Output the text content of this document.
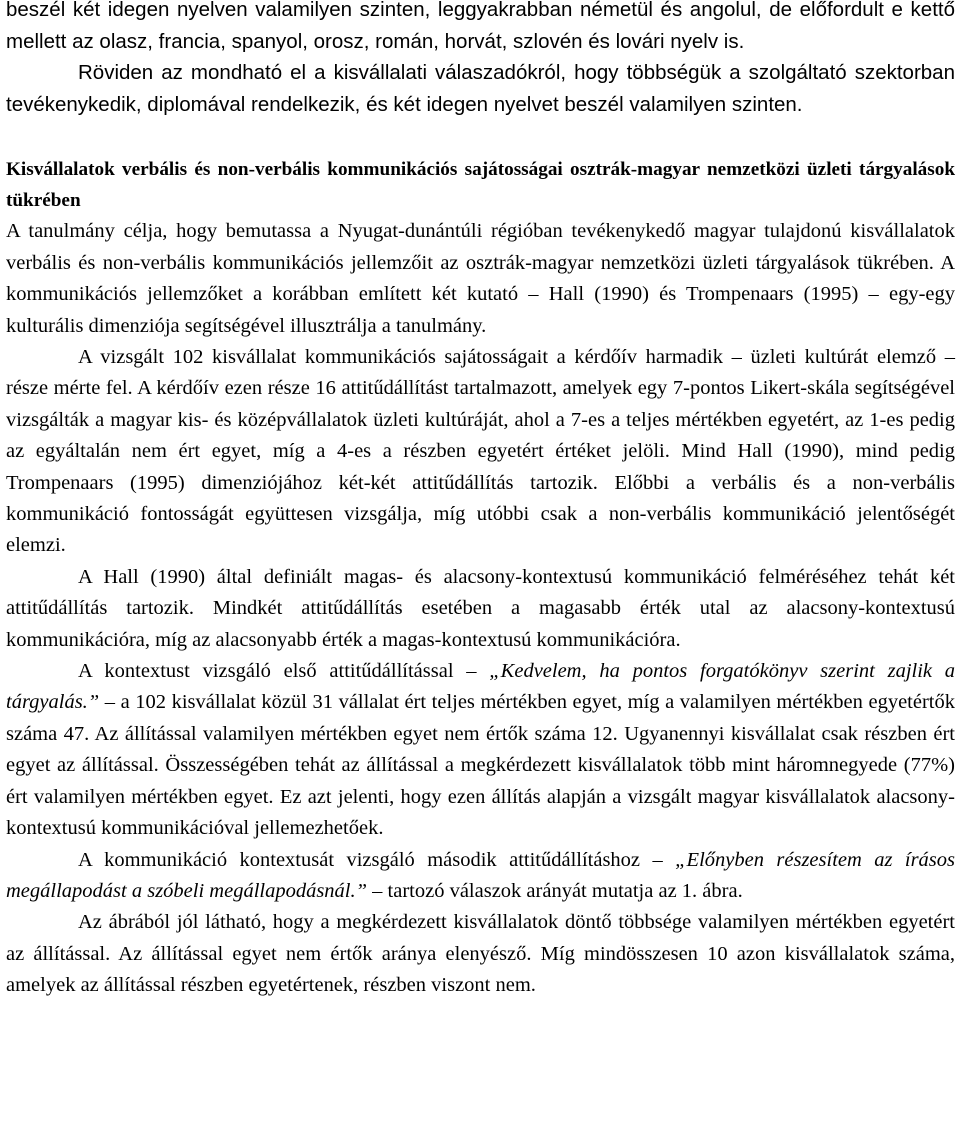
beszél két idegen nyelven valamilyen szinten, leggyakrabban németül és angolul, de előfordult e kettő mellett az olasz, francia, spanyol, orosz, román, horvát, szlovén és lovári nyelv is.

Röviden az mondható el a kisvállalati válaszadókról, hogy többségük a szolgáltató szektorban tevékenykedik, diplomával rendelkezik, és két idegen nyelvet beszél valamilyen szinten.

Kisvállalatok verbális és non-verbális kommunikációs sajátosságai osztrák-magyar nemzetközi üzleti tárgyalások tükrében

A tanulmány célja, hogy bemutassa a Nyugat-dunántúli régióban tevékenykedő magyar tulajdonú kisvállalatok verbális és non-verbális kommunikációs jellemzőit az osztrák-magyar nemzetközi üzleti tárgyalások tükrében. A kommunikációs jellemzőket a korábban említett két kutató – Hall (1990) és Trompenaars (1995) – egy-egy kulturális dimenziója segítségével illusztrálja a tanulmány.

A vizsgált 102 kisvállalat kommunikációs sajátosságait a kérdőív harmadik – üzleti kultúrát elemző – része mérte fel. A kérdőív ezen része 16 attitűdállítást tartalmazott, amelyek egy 7-pontos Likert-skála segítségével vizsgálták a magyar kis- és középvállalatok üzleti kultúráját, ahol a 7-es a teljes mértékben egyetért, az 1-es pedig az egyáltalán nem ért egyet, míg a 4-es a részben egyetért értéket jelöli. Mind Hall (1990), mind pedig Trompenaars (1995) dimenziójához két-két attitűdállítás tartozik. Előbbi a verbális és a non-verbális kommunikáció fontosságát együttesen vizsgálja, míg utóbbi csak a non-verbális kommunikáció jelentőségét elemzi.

A Hall (1990) által definiált magas- és alacsony-kontextusú kommunikáció felméréséhez tehát két attitűdállítás tartozik. Mindkét attitűdállítás esetében a magasabb érték utal az alacsony-kontextusú kommunikációra, míg az alacsonyabb érték a magas-kontextusú kommunikációra.

A kontextust vizsgáló első attitűdállítással – „Kedvelem, ha pontos forgatókönyv szerint zajlik a tárgyalás.” – a 102 kisvállalat közül 31 vállalat ért teljes mértékben egyet, míg a valamilyen mértékben egyetértők száma 47. Az állítással valamilyen mértékben egyet nem értők száma 12. Ugyanennyi kisvállalat csak részben ért egyet az állítással. Összességében tehát az állítással a megkérdezett kisvállalatok több mint háromnegyede (77%) ért valamilyen mértékben egyet. Ez azt jelenti, hogy ezen állítás alapján a vizsgált magyar kisvállalatok alacsony-kontextusú kommunikációval jellemezhetőek.

A kommunikáció kontextusát vizsgáló második attitűdállításhoz – „Előnyben részesítem az írásos megállapodást a szóbeli megállapodásnál.” – tartozó válaszok arányát mutatja az 1. ábra.

Az ábrából jól látható, hogy a megkérdezett kisvállalatok döntő többsége valamilyen mértékben egyetért az állítással. Az állítással egyet nem értők aránya elenyésző. Míg mindösszesen 10 azon kisvállalatok száma, amelyek az állítással részben egyetértenek, részben viszont nem.
